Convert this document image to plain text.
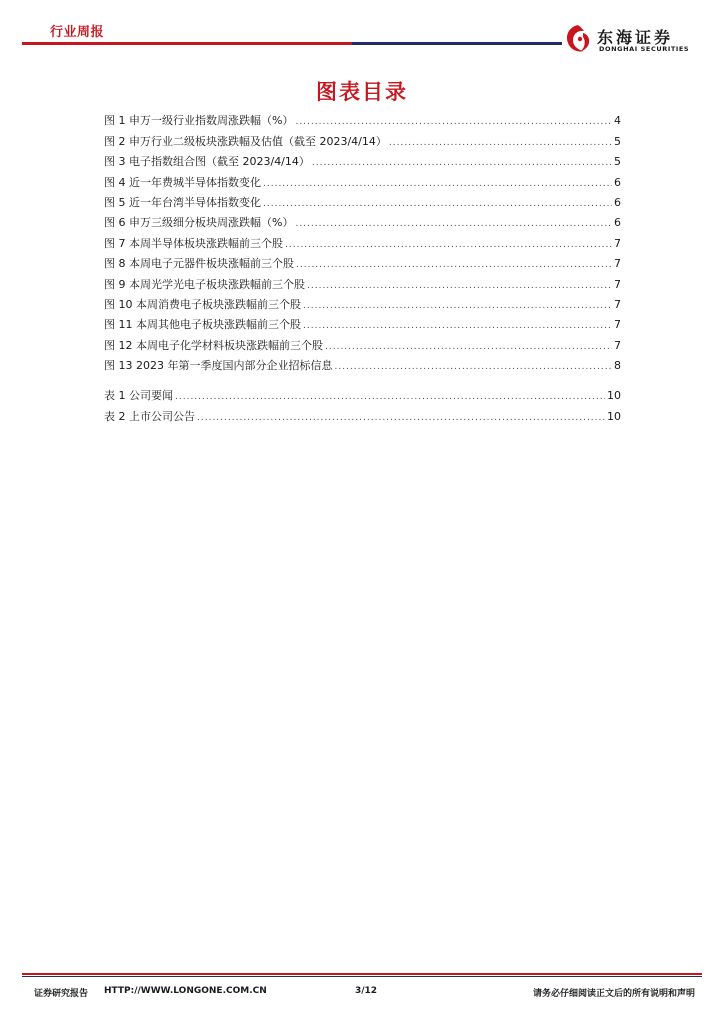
行业周报	东海证券
DONGHAI SECURITIES
图表目录
图 1 申万一级行业指数周涨跌幅（%） .....	4
图 2 申万行业二级板块涨跌幅及估值（截至 2023/4/14） .....	5
图 3 电子指数组合图（截至 2023/4/14） .....	5
图 4 近一年费城半导体指数变化 .....	6
图 5 近一年台湾半导体指数变化 .....	6
图 6 申万三级细分板块周涨跌幅（%） .....	6
图 7 本周半导体板块涨跌幅前三个股 .....	7
图 8 本周电子元器件板块涨幅前三个股 .....	7
图 9 本周光学光电子板块涨跌幅前三个股 .....	7
图 10 本周消费电子板块涨跌幅前三个股 .....	7
图 11 本周其他电子板块涨跌幅前三个股 .....	7
图 12 本周电子化学材料板块涨跌幅前三个股 .....	7
图 13 2023 年第一季度国内部分企业招标信息 .....	8
表 1 公司要闻 .....	10
表 2 上市公司公告 .....	10
证券研究报告 HTTP://WWW.LONGONE.COM.CN	3/12	请务必仔细阅读正文后的所有说明和声明
